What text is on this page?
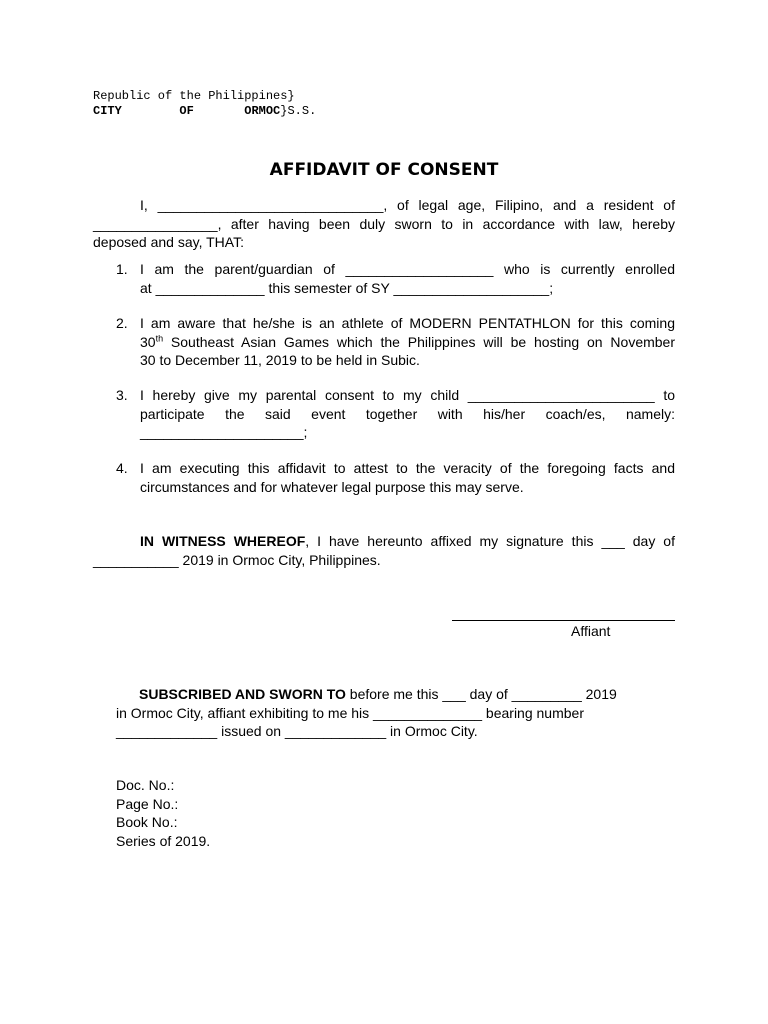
Republic of the Philippines}
CITY	OF	ORMOC}S.S.
AFFIDAVIT OF CONSENT
I, _____________________________, of legal age, Filipino, and a resident of
________________, after having been duly sworn to in accordance with law, hereby
deposed and say, THAT:
1. I am the parent/guardian of ___________________ who is currently enrolled
at ______________ this semester of SY ____________________;
2. I am aware that he/she is an athlete of MODERN PENTATHLON for this coming
30th Southeast Asian Games which the Philippines will be hosting on November
30 to December 11, 2019 to be held in Subic.
3. I hereby give my parental consent to my child ________________________ to
participate the said event together with his/her coach/es, namely:
_____________________;
4. I am executing this affidavit to attest to the veracity of the foregoing facts and
circumstances and for whatever legal purpose this may serve.
IN WITNESS WHEREOF, I have hereunto affixed my signature this ___ day of
___________ 2019 in Ormoc City, Philippines.
Affiant
SUBSCRIBED AND SWORN TO before me this ___ day of _________ 2019
in Ormoc City, affiant exhibiting to me his ______________ bearing number
_____________ issued on _____________ in Ormoc City.
Doc. No.:
Page No.:
Book No.:
Series of 2019.
